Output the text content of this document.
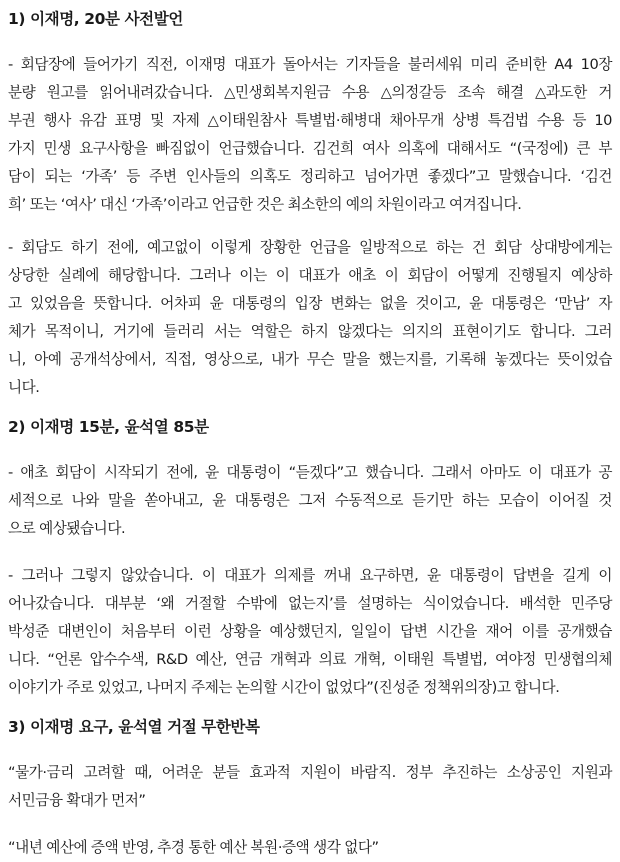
1) 이재명, 20분 사전발언

- 회담장에 들어가기 직전, 이재명 대표가 돌아서는 기자들을 불러세워 미리 준비한 A4 10장
분량 원고를 읽어내려갔습니다. △민생회복지원금 수용 △의정갈등 조속 해결 △과도한 거
부권 행사 유감 표명 및 자제 △이태원참사 특별법·해병대 채아무개 상병 특검법 수용 등 10
가지 민생 요구사항을 빠짐없이 언급했습니다. 김건희 여사 의혹에 대해서도 “(국정에) 큰 부
담이 되는 ‘가족’ 등 주변 인사들의 의혹도 정리하고 넘어가면 좋겠다”고 말했습니다. ‘김건
희’ 또는 ‘여사’ 대신 ‘가족’이라고 언급한 것은 최소한의 예의 차원이라고 여겨집니다.

- 회담도 하기 전에, 예고없이 이렇게 장황한 언급을 일방적으로 하는 건 회담 상대방에게는
상당한 실례에 해당합니다. 그러나 이는 이 대표가 애초 이 회담이 어떻게 진행될지 예상하
고 있었음을 뜻합니다. 어차피 윤 대통령의 입장 변화는 없을 것이고, 윤 대통령은 ‘만남’ 자
체가 목적이니, 거기에 들러리 서는 역할은 하지 않겠다는 의지의 표현이기도 합니다. 그러
니, 아예 공개석상에서, 직접, 영상으로, 내가 무슨 말을 했는지를, 기록해 놓겠다는 뜻이었습
니다.

2) 이재명 15분, 윤석열 85분

- 애초 회담이 시작되기 전에, 윤 대통령이 “듣겠다”고 했습니다. 그래서 아마도 이 대표가 공
세적으로 나와 말을 쏟아내고, 윤 대통령은 그저 수동적으로 듣기만 하는 모습이 이어질 것
으로 예상됐습니다.

- 그러나 그렇지 않았습니다. 이 대표가 의제를 꺼내 요구하면, 윤 대통령이 답변을 길게 이
어나갔습니다. 대부분 ‘왜 거절할 수밖에 없는지’를 설명하는 식이었습니다. 배석한 민주당
박성준 대변인이 처음부터 이런 상황을 예상했던지, 일일이 답변 시간을 재어 이를 공개했습
니다. “언론 압수수색, R&D 예산, 연금 개혁과 의료 개혁, 이태원 특별법, 여야정 민생협의체
이야기가 주로 있었고, 나머지 주제는 논의할 시간이 없었다”(진성준 정책위의장)고 합니다.

3) 이재명 요구, 윤석열 거절 무한반복

“물가·금리 고려할 때, 어려운 분들 효과적 지원이 바람직. 정부 추진하는 소상공인 지원과
서민금융 확대가 먼저”

“내년 예산에 증액 반영, 추경 통한 예산 복원·증액 생각 없다”
